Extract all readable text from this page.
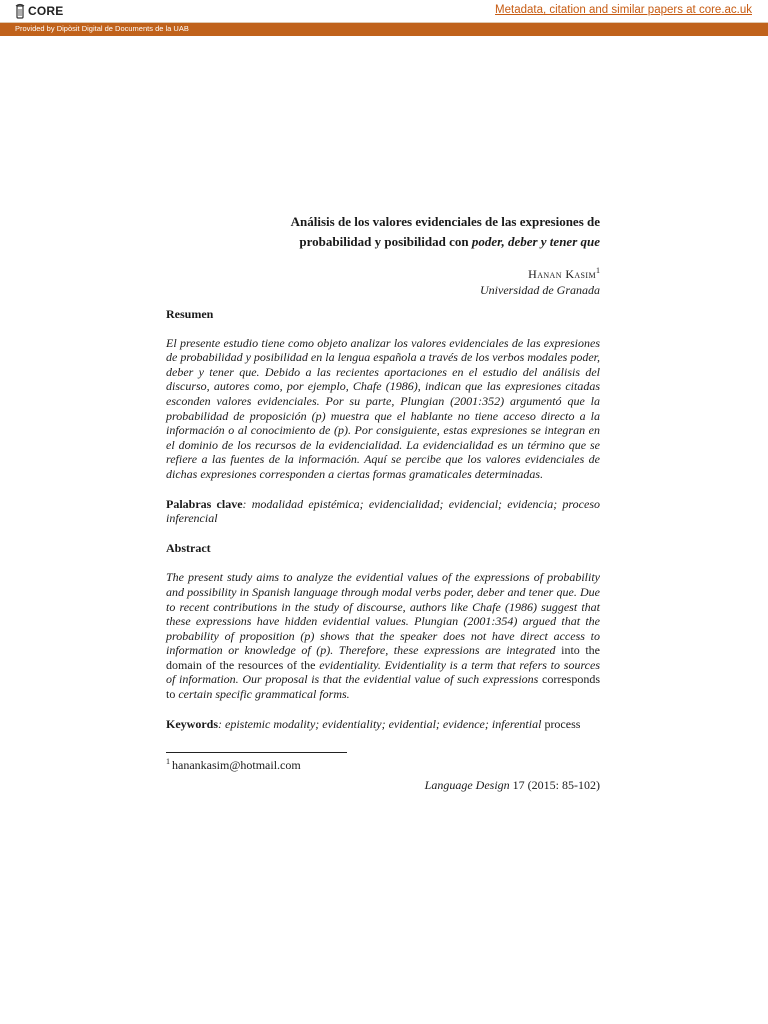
CORE	Metadata, citation and similar papers at core.ac.uk
Provided by Dipòsit Digital de Documents de la UAB
Análisis de los valores evidenciales de las expresiones de
probabilidad y posibilidad con poder, deber y tener que
Hanan Kasim$^1$
Universidad de Granada

Resumen

El presente estudio tiene como objeto analizar los valores evidenciales de las expresiones de probabilidad y posibilidad en la lengua española a través de los verbos modales poder, deber y tener que. Debido a las recientes aportaciones en el estudio del análisis del discurso, autores como, por ejemplo, Chafe (1986), indican que las expresiones citadas esconden valores evidenciales. Por su parte, Plungian (2001:352) argumentó que la probabilidad de proposición (p) muestra que el hablante no tiene acceso directo a la información o al conocimiento de (p). Por consiguiente, estas expresiones se integran en el dominio de los recursos de la evidencialidad. La evidencialidad es un término que se refiere a las fuentes de la información. Aquí se percibe que los valores evidenciales de dichas expresiones corresponden a ciertas formas gramaticales determinadas.

Palabras clave: modalidad epistémica; evidencialidad; evidencial; evidencia; proceso inferencial

Abstract

The present study aims to analyze the evidential values of the expressions of probability and possibility in Spanish language through modal verbs poder, deber and tener que. Due to recent contributions in the study of discourse, authors like Chafe (1986) suggest that these expressions have hidden evidential values. Plungian (2001:354) argued that the probability of proposition (p) shows that the speaker does not have direct access to information or knowledge of (p). Therefore, these expressions are integrated into the domain of the resources of the evidentiality. Evidentiality is a term that refers to sources of information. Our proposal is that the evidential value of such expressions corresponds to certain specific grammatical forms.

Keywords: epistemic modality; evidentiality; evidential; evidence; inferential process

$^1$ hanankasim@hotmail.com
Language Design 17 (2015: 85-102)
